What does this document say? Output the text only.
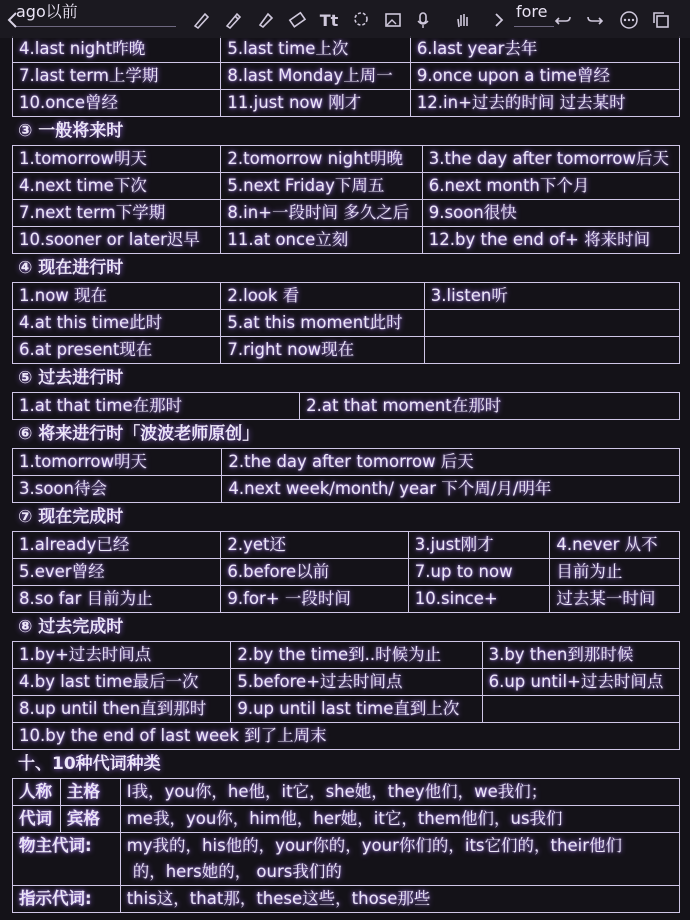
ago以前	fore
Tt
4.last night昨晚	5.last time上次	6.last year去年
7.last term上学期	8.last Monday上周一	9.once upon a time曾经
10.once曾经	11.just now 刚才	12.in+过去的时间 过去某时
③ 一般将来时
1.tomorrow明天	2.tomorrow night明晚	3.the day after tomorrow后天
4.next time下次	5.next Friday下周五	6.next month下个月
7.next term下学期	8.in+一段时间 多久之后	9.soon很快
10.sooner or later迟早	11.at once立刻	12.by the end of+ 将来时间
④ 现在进行时
1.now 现在	2.look 看	3.listen听
4.at this time此时	5.at this moment此时
6.at present现在	7.right now现在
⑤ 过去进行时
1.at that time在那时	2.at that moment在那时
⑥ 将来进行时「波波老师原创」
1.tomorrow明天	2.the day after tomorrow 后天
3.soon待会	4.next week/month/ year 下个周/月/明年
⑦ 现在完成时
1.already已经	2.yet还	3.just刚才	4.never 从不
5.ever曾经	6.before以前	7.up to now	目前为止
8.so far 目前为止	9.for+ 一段时间	10.since+	过去某一时间
⑧ 过去完成时
1.by+过去时间点	2.by the time到..时候为止	3.by then到那时候
4.by last time最后一次	5.before+过去时间点	6.up until+过去时间点
8.up until then直到那时	9.up until last time直到上次
10.by the end of last week 到了上周末
十、10种代词种类
人称 主格	I我，you你，he他，it它，she她，they他们，we我们；
代词 宾格	me我，you你，him他，her她，it它，them他们，us我们
物主代词:	my我的，his他的，your你的，your你们的，its它们的，their他们
的，hers她的， ours我们的
指示代词:	this这，that那，these这些，those那些
